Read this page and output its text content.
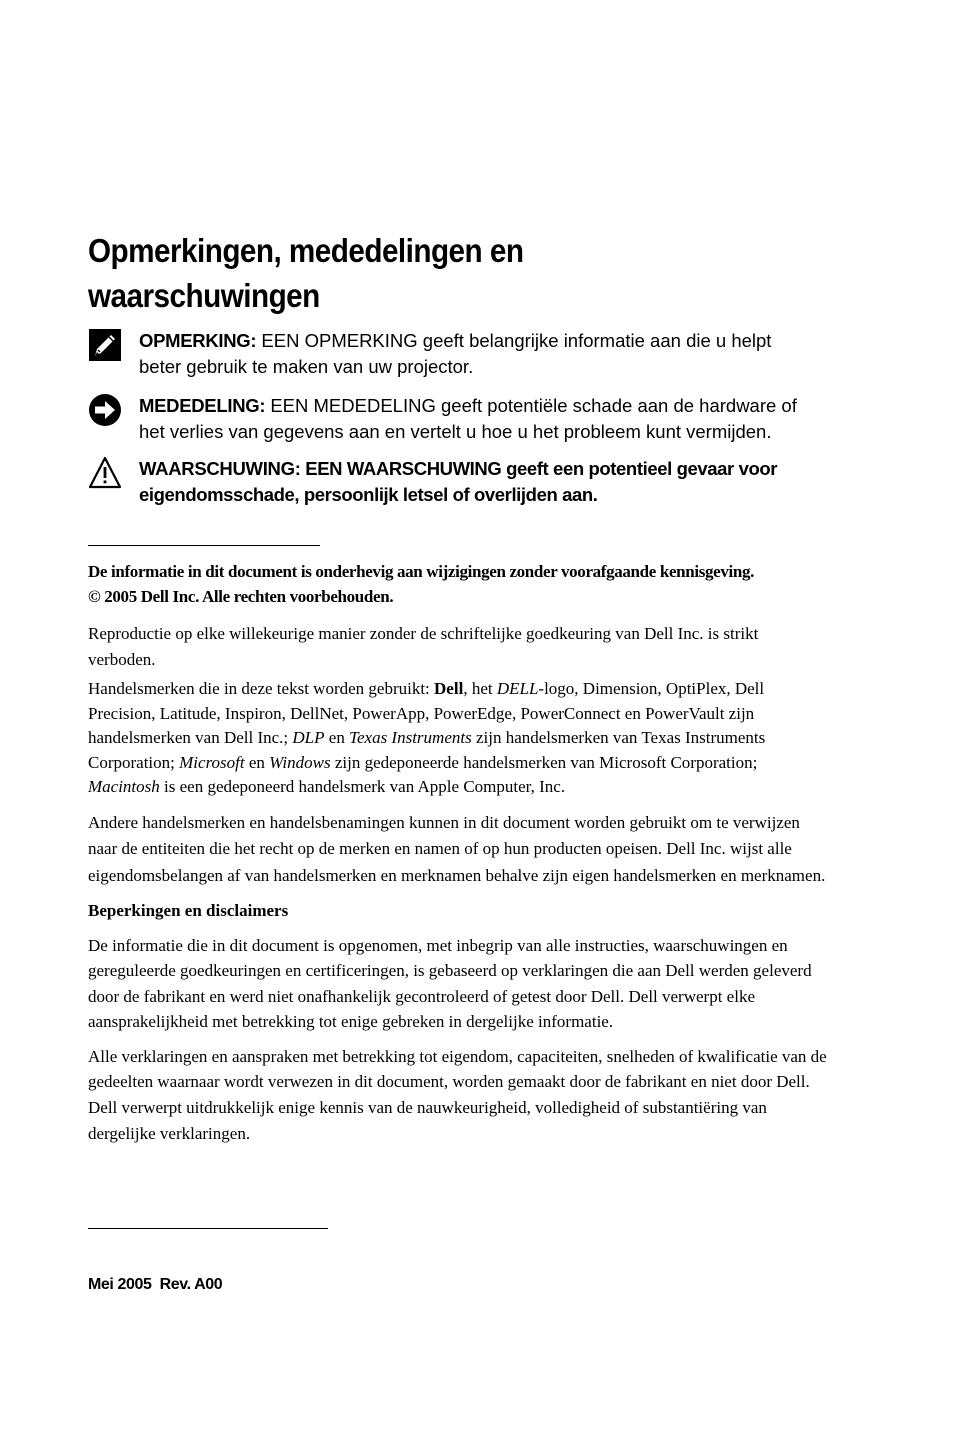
Opmerkingen, mededelingen en waarschuwingen
OPMERKING: EEN OPMERKING geeft belangrijke informatie aan die u helpt
beter gebruik te maken van uw projector.
MEDEDELING: EEN MEDEDELING geeft potentiële schade aan de hardware of
het verlies van gegevens aan en vertelt u hoe u het probleem kunt vermijden.
WAARSCHUWING: EEN WAARSCHUWING geeft een potentieel gevaar voor
eigendomsschade, persoonlijk letsel of overlijden aan.

De informatie in dit document is onderhevig aan wijzigingen zonder voorafgaande kennisgeving.
© 2005 Dell Inc. Alle rechten voorbehouden.

Reproductie op elke willekeurige manier zonder de schriftelijke goedkeuring van Dell Inc. is strikt verboden.

Handelsmerken die in deze tekst worden gebruikt: Dell, het DELL-logo, Dimension, OptiPlex, Dell Precision, Latitude, Inspiron, DellNet, PowerApp, PowerEdge, PowerConnect en PowerVault zijn handelsmerken van Dell Inc.; DLP en Texas Instruments zijn handelsmerken van Texas Instruments Corporation; Microsoft en Windows zijn gedeponeerde handelsmerken van Microsoft Corporation; Macintosh is een gedeponeerd handelsmerk van Apple Computer, Inc.

Andere handelsmerken en handelsbenamingen kunnen in dit document worden gebruikt om te verwijzen naar de entiteiten die het recht op de merken en namen of op hun producten opeisen. Dell Inc. wijst alle eigendomsbelangen af van handelsmerken en merknamen behalve zijn eigen handelsmerken en merknamen.

Beperkingen en disclaimers

De informatie die in dit document is opgenomen, met inbegrip van alle instructies, waarschuwingen en gereguleerde goedkeuringen en certificeringen, is gebaseerd op verklaringen die aan Dell werden geleverd door de fabrikant en werd niet onafhankelijk gecontroleerd of getest door Dell. Dell verwerpt elke aansprakelijkheid met betrekking tot enige gebreken in dergelijke informatie.

Alle verklaringen en aanspraken met betrekking tot eigendom, capaciteiten, snelheden of kwalificatie van de gedeelten waarnaar wordt verwezen in dit document, worden gemaakt door de fabrikant en niet door Dell. Dell verwerpt uitdrukkelijk enige kennis van de nauwkeurigheid, volledigheid of substantiëring van dergelijke verklaringen.

Mei 2005 Rev. A00
